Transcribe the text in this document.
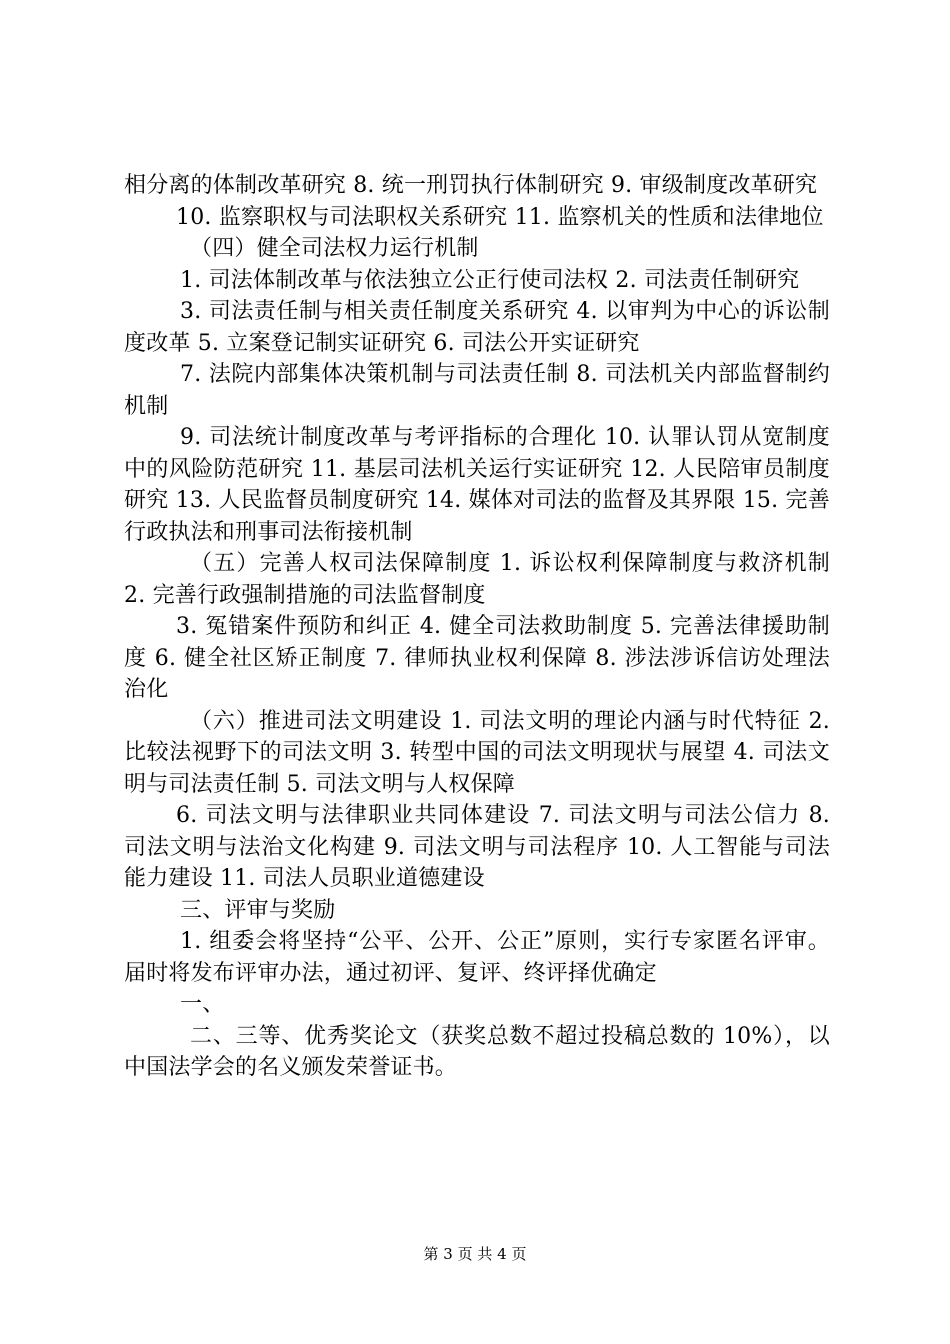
相分离的体制改革研究 8. 统一刑罚执行体制研究 9. 审级制度改革研究

10. 监察职权与司法职权关系研究 11. 监察机关的性质和法律地位

（四）健全司法权力运行机制

1. 司法体制改革与依法独立公正行使司法权 2. 司法责任制研究

3. 司法责任制与相关责任制度关系研究 4. 以审判为中心的诉讼制度改革 5. 立案登记制实证研究 6. 司法公开实证研究

7. 法院内部集体决策机制与司法责任制 8. 司法机关内部监督制约机制

9. 司法统计制度改革与考评指标的合理化 10. 认罪认罚从宽制度中的风险防范研究 11. 基层司法机关运行实证研究 12. 人民陪审员制度研究 13. 人民监督员制度研究 14. 媒体对司法的监督及其界限 15. 完善行政执法和刑事司法衔接机制

（五）完善人权司法保障制度 1. 诉讼权利保障制度与救济机制 2. 完善行政强制措施的司法监督制度

3. 冤错案件预防和纠正 4. 健全司法救助制度 5. 完善法律援助制度 6. 健全社区矫正制度 7. 律师执业权利保障 8. 涉法涉诉信访处理法治化

（六）推进司法文明建设 1. 司法文明的理论内涵与时代特征 2. 比较法视野下的司法文明 3. 转型中国的司法文明现状与展望 4. 司法文明与司法责任制 5. 司法文明与人权保障

6. 司法文明与法律职业共同体建设 7. 司法文明与司法公信力 8. 司法文明与法治文化构建 9. 司法文明与司法程序 10. 人工智能与司法能力建设 11. 司法人员职业道德建设

三、评审与奖励

1. 组委会将坚持“公平、公开、公正”原则，实行专家匿名评审。届时将发布评审办法，通过初评、复评、终评择优确定

一、

二、三等、优秀奖论文（获奖总数不超过投稿总数的 10%），以中国法学会的名义颁发荣誉证书。

第 3 页 共 4 页
